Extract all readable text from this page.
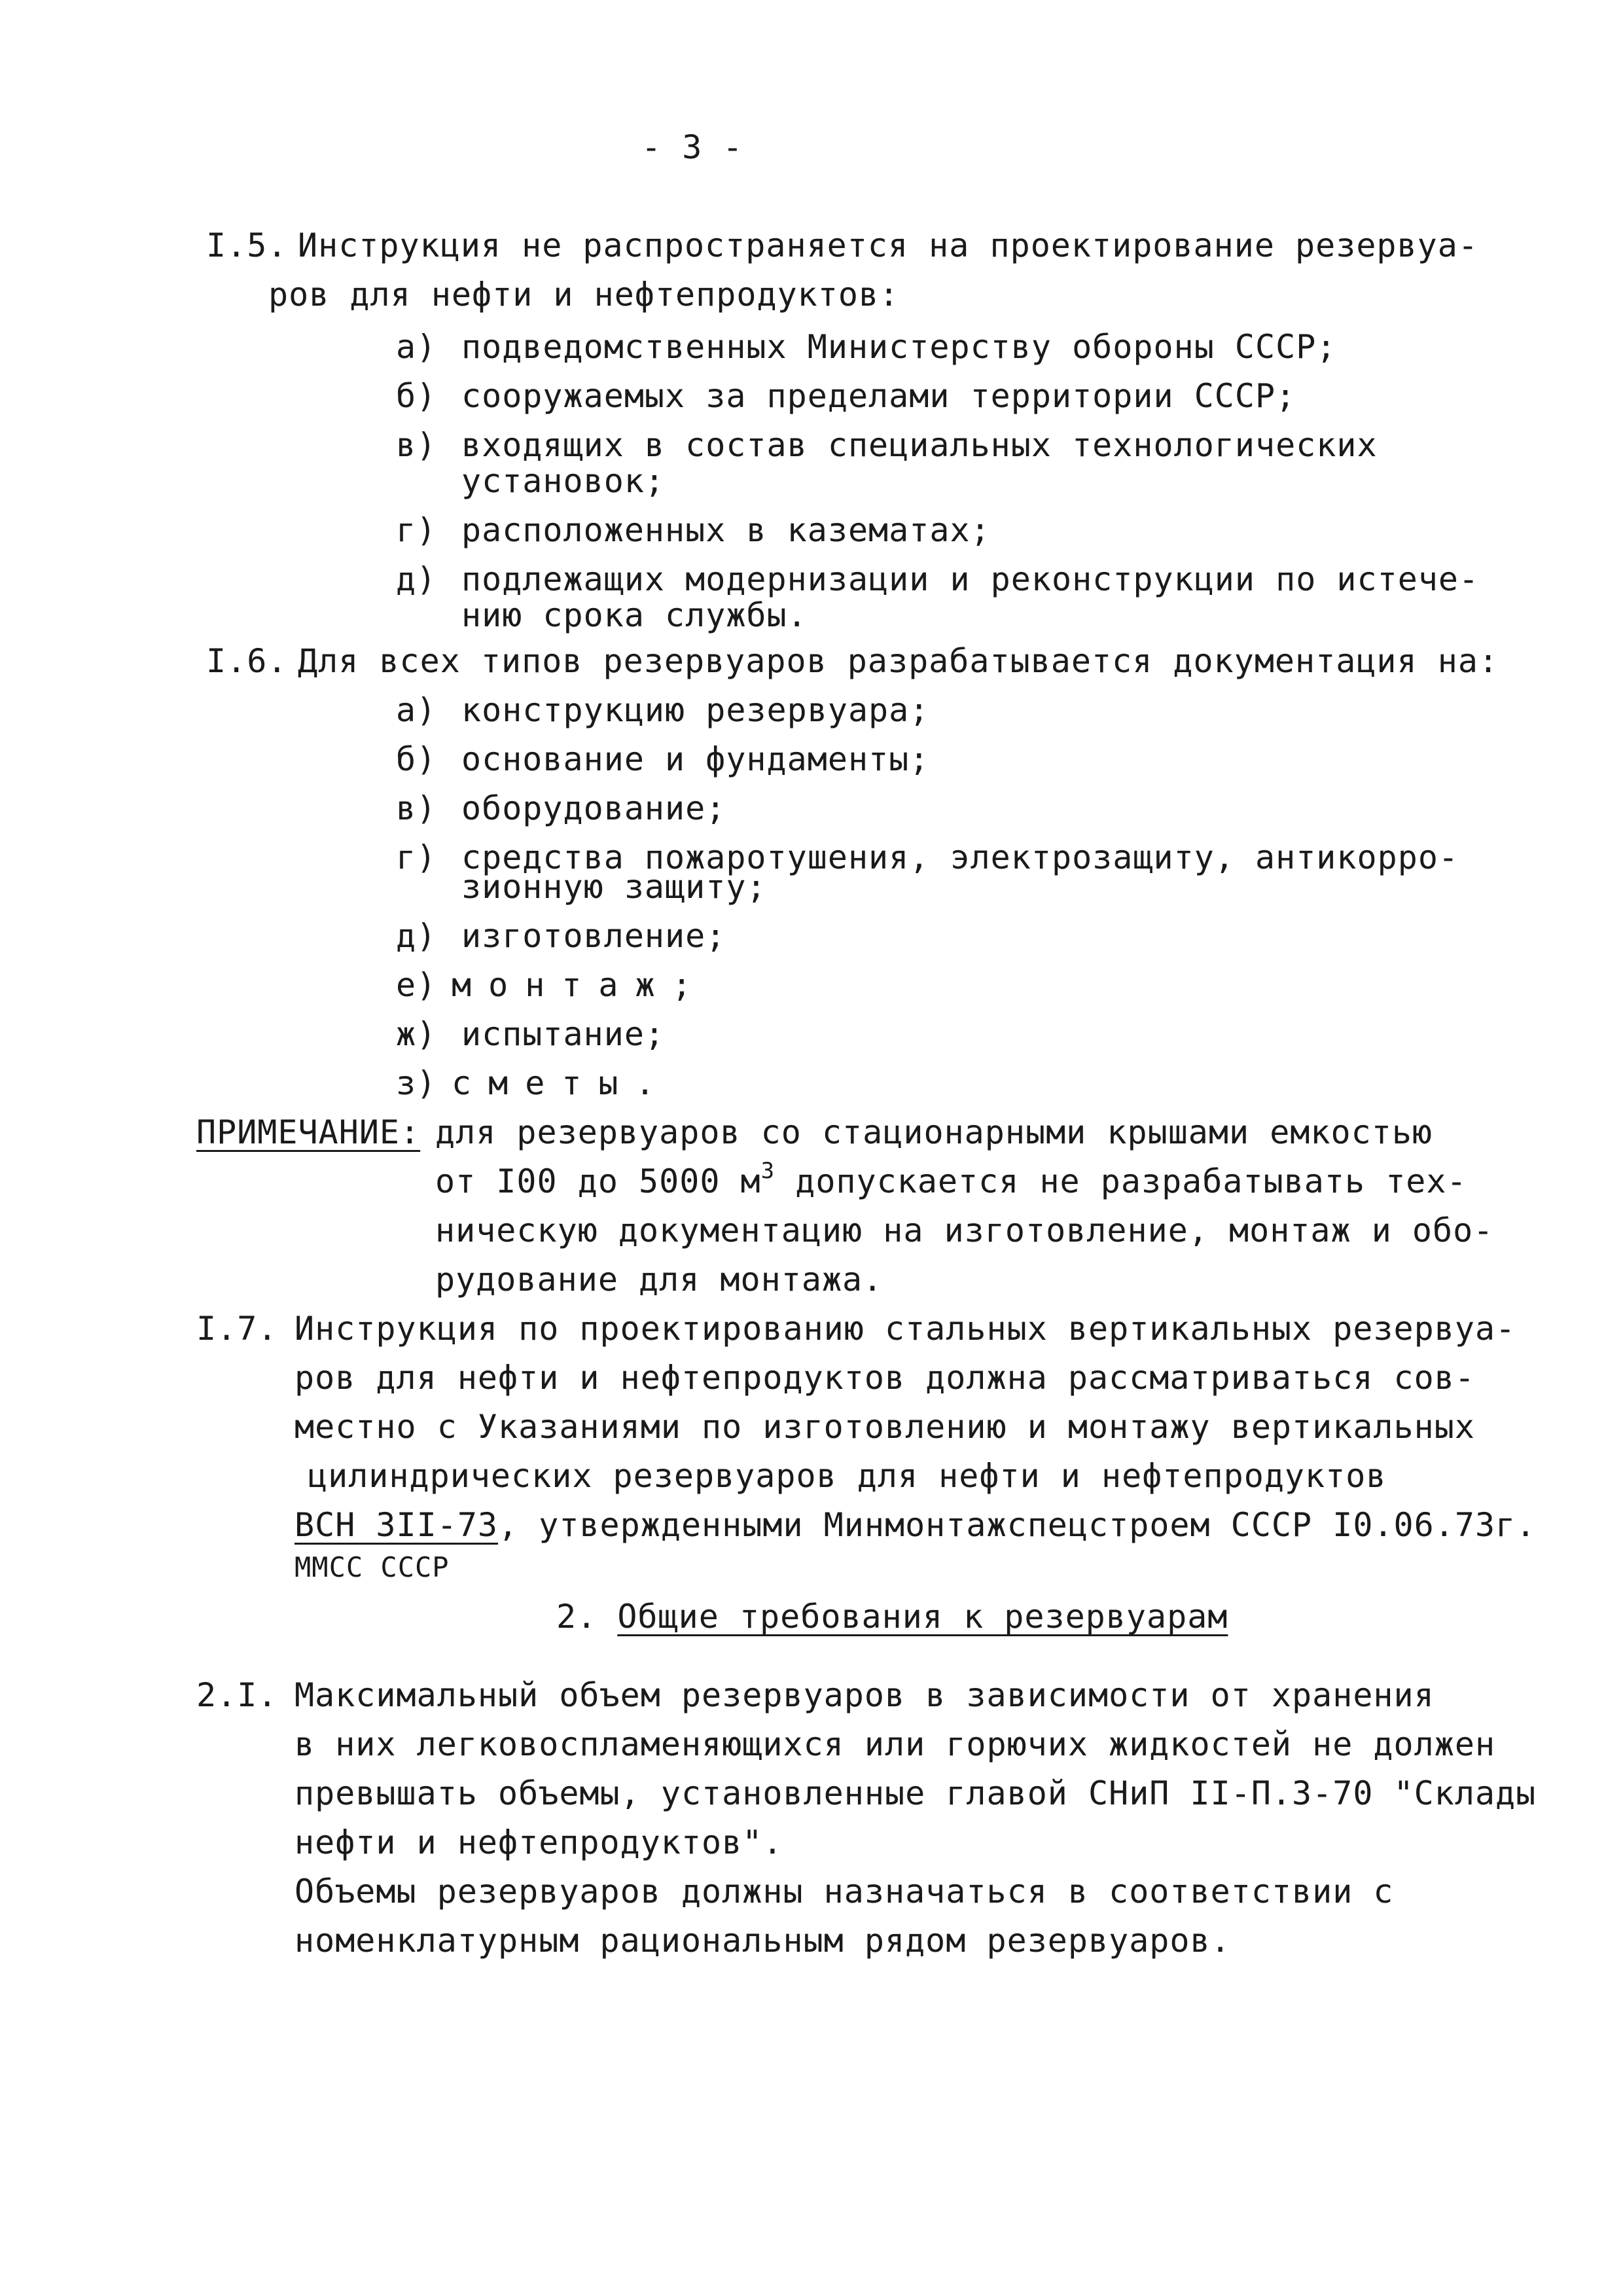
- 3 -
I.5. Инструкция не распространяется на проектирование резервуа-
ров для нефти и нефтепродуктов:
а) подведомственных Министерству обороны СССР;
б) сооружаемых за пределами территории СССР;
в) входящих в состав специальных технологических
установок;
г) расположенных в казематах;
д) подлежащих модернизации и реконструкции по истече-
нию срока службы.
I.6. Для всех типов резервуаров разрабатывается документация на:
а) конструкцию резервуара;
б) основание и фундаменты;
в) оборудование;
г) средства пожаротушения, электрозащиту, антикорро-
зионную защиту;
д) изготовление;
е) монтаж;
ж) испытание;
з) сметы.
ПРИМЕЧАНИЕ: для резервуаров со стационарными крышами емкостью
от I00 до 5000 $м^3$ допускается не разрабатывать тех-
ническую документацию на изготовление, монтаж и обо-
рудование для монтажа.
I.7. Инструкция по проектированию стальных вертикальных резервуа-
ров для нефти и нефтепродуктов должна рассматриваться сов-
местно с Указаниями по изготовлению и монтажу вертикальных
цилиндрических резервуаров для нефти и нефтепродуктов
ВСН 3II-73, утвержденными Минмонтажспецстроем СССР I0.06.73г.
ММСС СССР
2. Общие требования к резервуарам
2.I. Максимальный объем резервуаров в зависимости от хранения
в них легковоспламеняющихся или горючих жидкостей не должен
превышать объемы, установленные главой СНиП II-П.3-70 "Склады
нефти и нефтепродуктов".
Объемы резервуаров должны назначаться в соответствии с
номенклатурным рациональным рядом резервуаров.
